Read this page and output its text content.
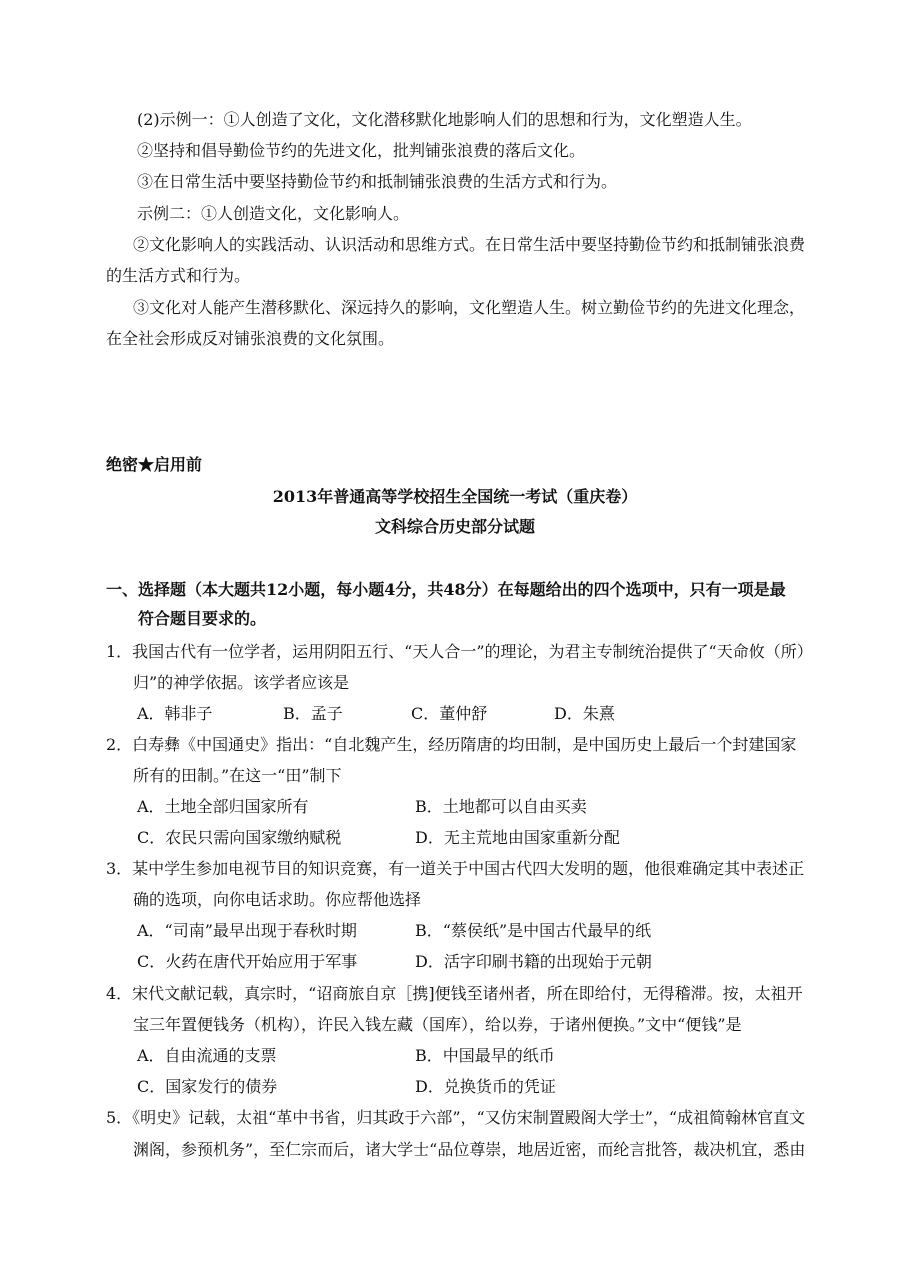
(2)示例一：①人创造了文化，文化潜移默化地影响人们的思想和行为，文化塑造人生。
②坚持和倡导勤俭节约的先进文化，批判铺张浪费的落后文化。
③在日常生活中要坚持勤俭节约和抵制铺张浪费的生活方式和行为。
示例二：①人创造文化，文化影响人。
②文化影响人的实践活动、认识活动和思维方式。在日常生活中要坚持勤俭节约和抵制铺张浪费
的生活方式和行为。
③文化对人能产生潜移默化、深远持久的影响，文化塑造人生。树立勤俭节约的先进文化理念，
在全社会形成反对铺张浪费的文化氛围。
绝密★启用前
2013年普通高等学校招生全国统一考试（重庆卷）
文科综合历史部分试题
一、选择题（本大题共12小题，每小题4分，共48分）在每题给出的四个选项中，只有一项是最
符合题目要求的。
1．我国古代有一位学者，运用阴阳五行、“天人合一”的理论，为君主专制统治提供了“天命攸（所）
归”的神学依据。该学者应该是
A．韩非子	B．孟子	C．董仲舒	D．朱熹
2．白寿彝《中国通史》指出：“自北魏产生，经历隋唐的均田制，是中国历史上最后一个封建国家
所有的田制。”在这一“田”制下
A．土地全部归国家所有	B．土地都可以自由买卖
C．农民只需向国家缴纳赋税	D．无主荒地由国家重新分配
3．某中学生参加电视节目的知识竞赛，有一道关于中国古代四大发明的题，他很难确定其中表述正
确的选项，向你电话求助。你应帮他选择
A．“司南”最早出现于春秋时期	B．“蔡侯纸”是中国古代最早的纸
C．火药在唐代开始应用于军事	D．活字印刷书籍的出现始于元朝
4．宋代文献记载，真宗时，“诏商旅自京［携]便钱至诸州者，所在即给付，无得稽滞。按，太祖开
宝三年置便钱务（机构），许民入钱左藏（国库），给以券，于诸州便换。”文中“便钱”是
A．自由流通的支票	B．中国最早的纸币
C．国家发行的债券	D．兑换货币的凭证
5．《明史》记载，太祖“革中书省，归其政于六部”，“又仿宋制置殿阁大学士”，“成祖简翰林官直文
渊阁，参预机务”，至仁宗而后，诸大学士“品位尊崇，地居近密，而纶言批答，裁决机宜，悉由
